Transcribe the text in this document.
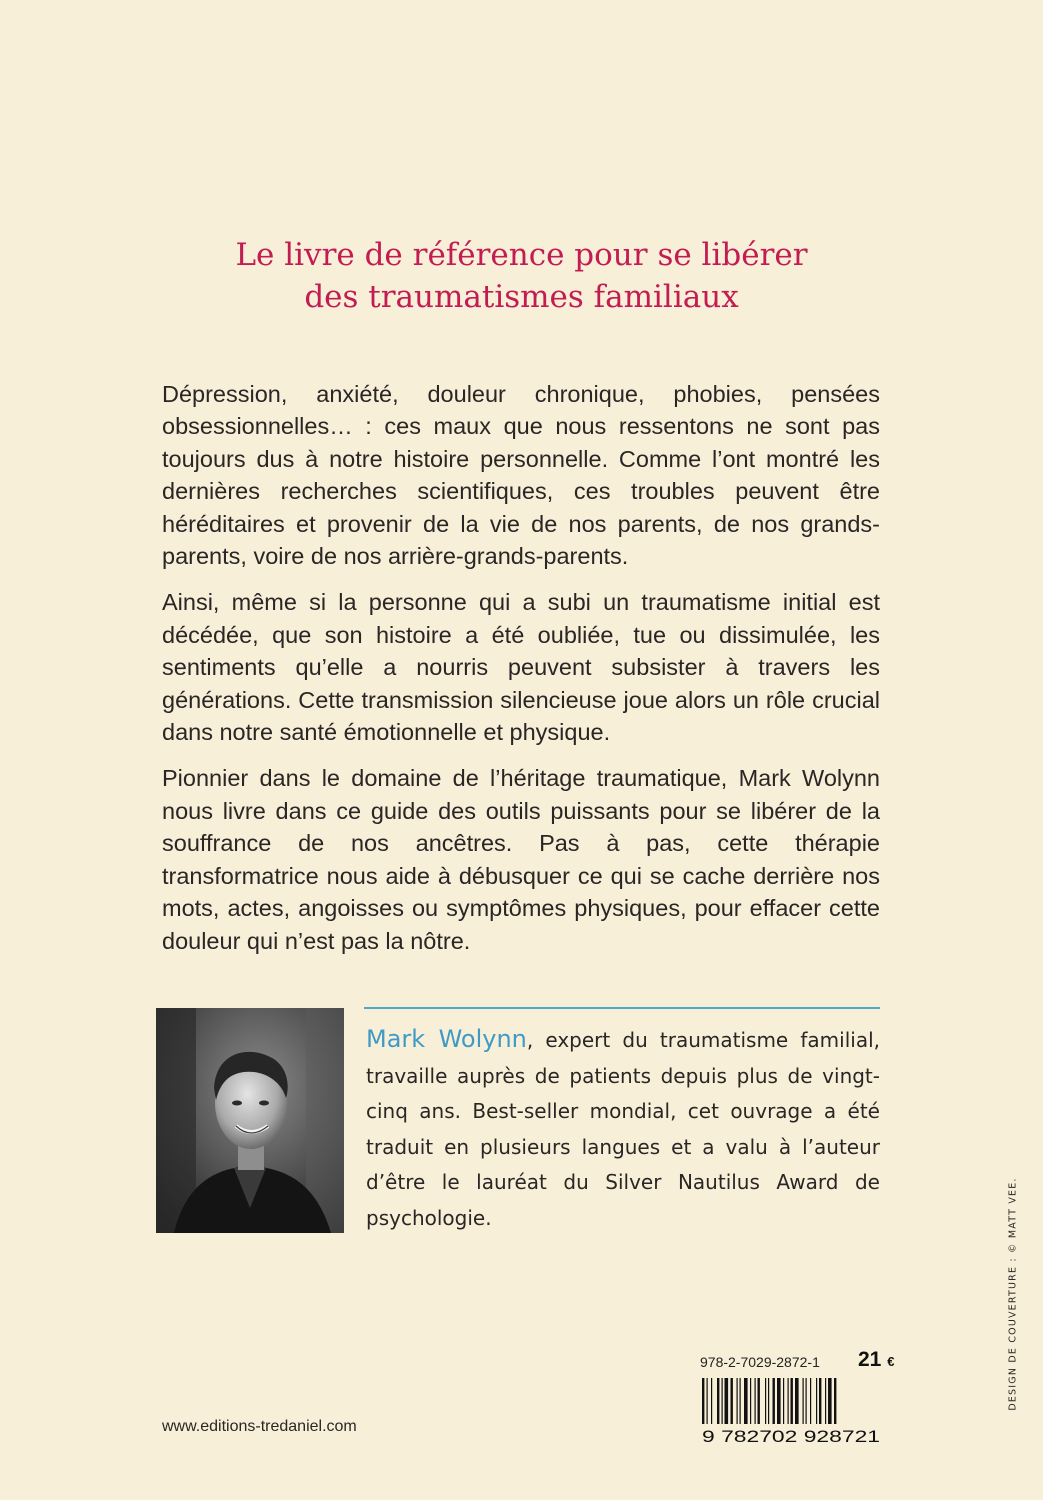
Le livre de référence pour se libérer
des traumatismes familiaux

Dépression, anxiété, douleur chronique, phobies, pensées obsessionnelles… : ces maux que nous ressentons ne sont pas toujours dus à notre histoire personnelle. Comme l’ont montré les dernières recherches scientifiques, ces troubles peuvent être héréditaires et provenir de la vie de nos parents, de nos grands-parents, voire de nos arrière-grands-parents.

Ainsi, même si la personne qui a subi un traumatisme initial est décédée, que son histoire a été oubliée, tue ou dissimulée, les sentiments qu’elle a nourris peuvent subsister à travers les générations. Cette transmission silencieuse joue alors un rôle crucial dans notre santé émotionnelle et physique.

Pionnier dans le domaine de l’héritage traumatique, Mark Wolynn nous livre dans ce guide des outils puissants pour se libérer de la souffrance de nos ancêtres. Pas à pas, cette thérapie transformatrice nous aide à débusquer ce qui se cache derrière nos mots, actes, angoisses ou symptômes physiques, pour effacer cette douleur qui n’est pas la nôtre.

Mark Wolynn, expert du traumatisme familial, travaille auprès de patients depuis plus de vingt-cinq ans. Best-seller mondial, cet ouvrage a été traduit en plusieurs langues et a valu à l’auteur d’être le lauréat du Silver Nautilus Award de psychologie.	DESIGN DE COUVERTURE : © MATT VEE.
978-2-7029-2872-1 21 €
9 782702 928721
www.editions-tredaniel.com
